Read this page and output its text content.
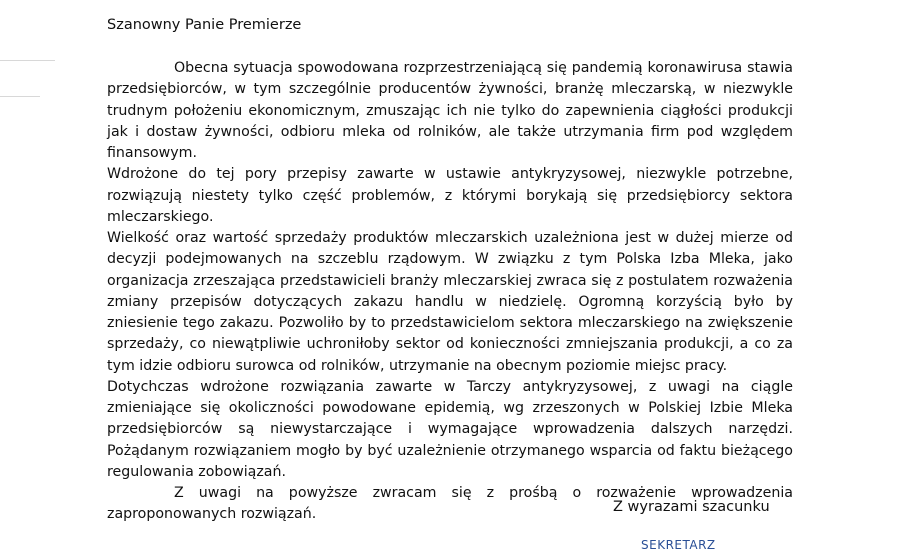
Szanowny Panie Premierze

Obecna sytuacja spowodowana rozprzestrzeniającą się pandemią koronawirusa stawia przedsiębiorców, w tym szczególnie producentów żywności, branżę mleczarską, w niezwykle trudnym położeniu ekonomicznym, zmuszając ich nie tylko do zapewnienia ciągłości produkcji jak i dostaw żywności, odbioru mleka od rolników, ale także utrzymania firm pod względem finansowym.

Wdrożone do tej pory przepisy zawarte w ustawie antykryzysowej, niezwykle potrzebne, rozwiązują niestety tylko część problemów, z którymi borykają się przedsiębiorcy sektora mleczarskiego.

Wielkość oraz wartość sprzedaży produktów mleczarskich uzależniona jest w dużej mierze od decyzji podejmowanych na szczeblu rządowym. W związku z tym Polska Izba Mleka, jako organizacja zrzeszająca przedstawicieli branży mleczarskiej zwraca się z postulatem rozważenia zmiany przepisów dotyczących zakazu handlu w niedzielę. Ogromną korzyścią było by zniesienie tego zakazu. Pozwoliło by to przedstawicielom sektora mleczarskiego na zwiększenie sprzedaży, co niewątpliwie uchroniłoby sektor od konieczności zmniejszania produkcji, a co za tym idzie odbioru surowca od rolników, utrzymanie na obecnym poziomie miejsc pracy.

Dotychczas wdrożone rozwiązania zawarte w Tarczy antykryzysowej, z uwagi na ciągle zmieniające się okoliczności powodowane epidemią, wg zrzeszonych w Polskiej Izbie Mleka przedsiębiorców są niewystarczające i wymagające wprowadzenia dalszych narzędzi. Pożądanym rozwiązaniem mogło by być uzależnienie otrzymanego wsparcia od faktu bieżącego regulowania zobowiązań.

Z uwagi na powyższe zwracam się z prośbą o rozważenie wprowadzenia zaproponowanych rozwiązań.	Z wyrazami szacunku
SEKRETARZ
